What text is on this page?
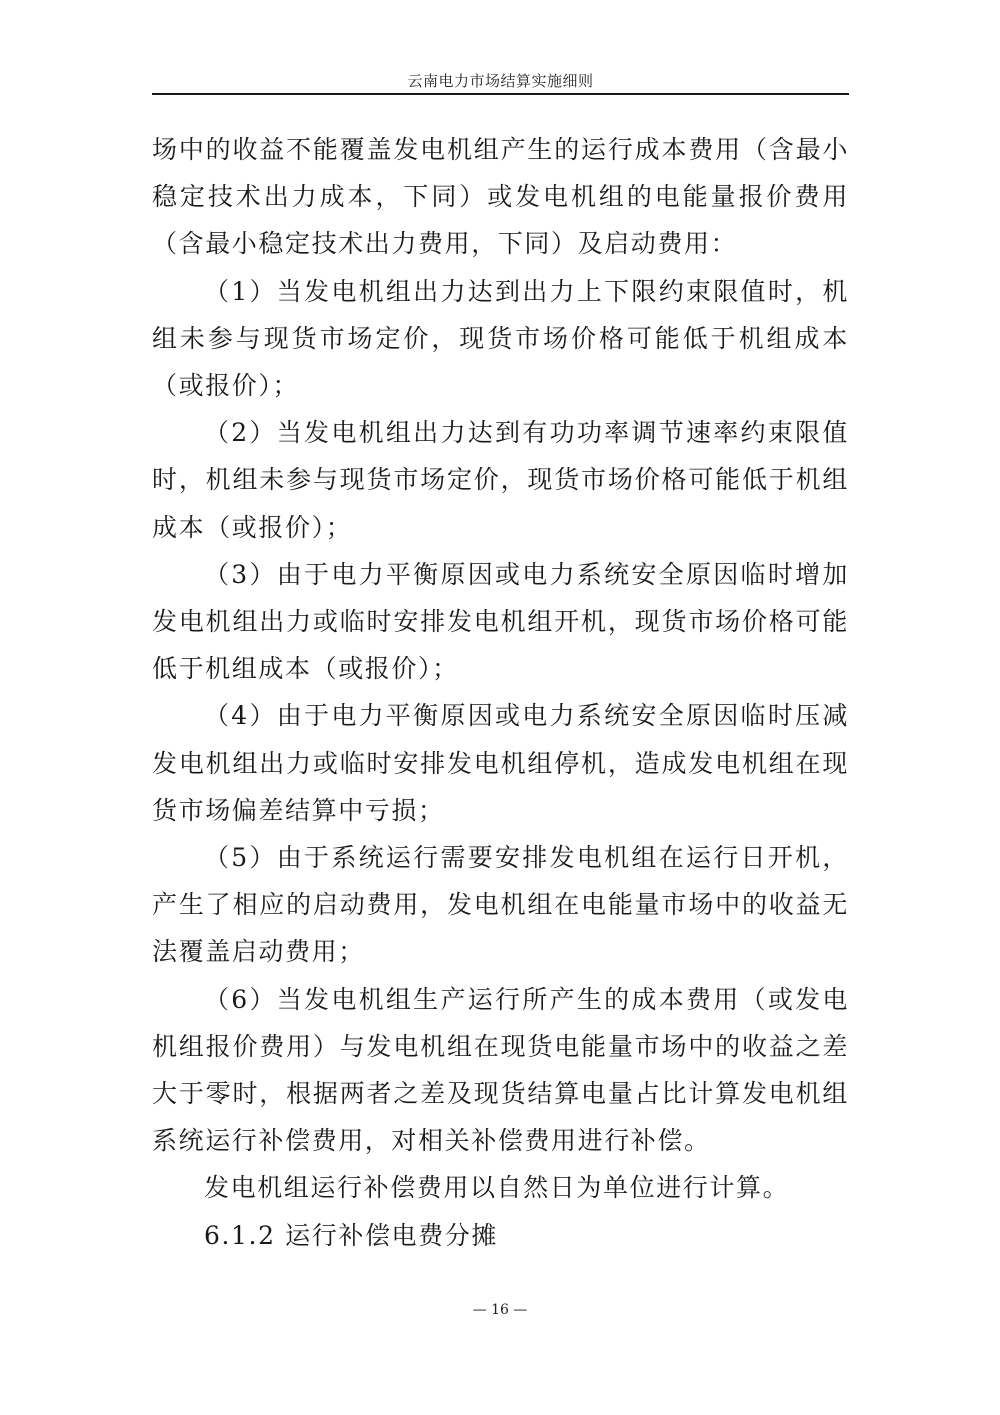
云南电力市场结算实施细则

场中的收益不能覆盖发电机组产生的运行成本费用（含最小稳定技术出力成本，下同）或发电机组的电能量报价费用（含最小稳定技术出力费用，下同）及启动费用：

（1）当发电机组出力达到出力上下限约束限值时，机组未参与现货市场定价，现货市场价格可能低于机组成本（或报价）；

（2）当发电机组出力达到有功功率调节速率约束限值时，机组未参与现货市场定价，现货市场价格可能低于机组成本（或报价）；

（3）由于电力平衡原因或电力系统安全原因临时增加发电机组出力或临时安排发电机组开机，现货市场价格可能低于机组成本（或报价）；

（4）由于电力平衡原因或电力系统安全原因临时压减发电机组出力或临时安排发电机组停机，造成发电机组在现货市场偏差结算中亏损；

（5）由于系统运行需要安排发电机组在运行日开机，产生了相应的启动费用，发电机组在电能量市场中的收益无法覆盖启动费用；

（6）当发电机组生产运行所产生的成本费用（或发电机组报价费用）与发电机组在现货电能量市场中的收益之差大于零时，根据两者之差及现货结算电量占比计算发电机组系统运行补偿费用，对相关补偿费用进行补偿。

发电机组运行补偿费用以自然日为单位进行计算。

6.1.2 运行补偿电费分摊

— 16 —
